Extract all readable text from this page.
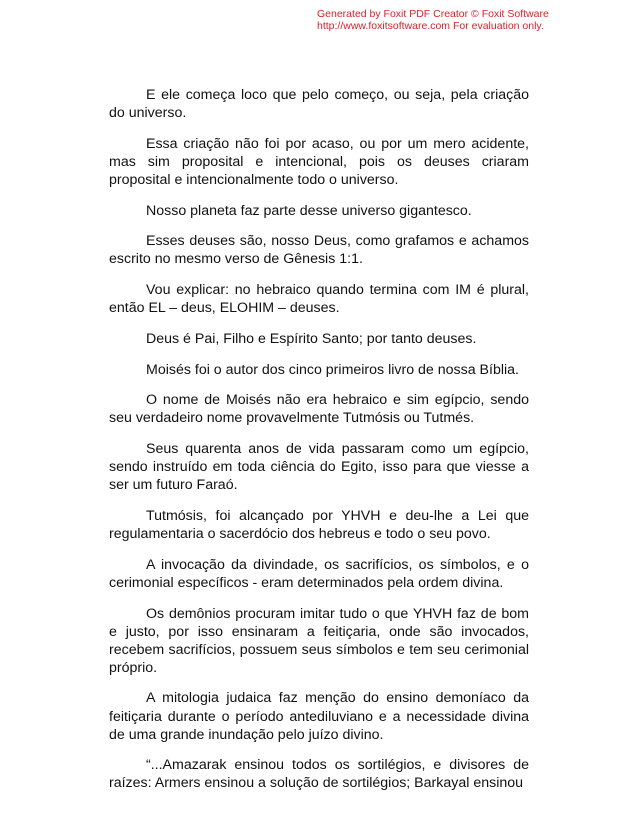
Generated by Foxit PDF Creator © Foxit Software
http://www.foxitsoftware.com For evaluation only.

E ele começa loco que pelo começo, ou seja, pela criação do universo.

Essa criação não foi por acaso, ou por um mero acidente, mas sim proposital e intencional, pois os deuses criaram proposital e intencionalmente todo o universo.

Nosso planeta faz parte desse universo gigantesco.

Esses deuses são, nosso Deus, como grafamos e achamos escrito no mesmo verso de Gênesis 1:1.

Vou explicar: no hebraico quando termina com IM é plural, então EL – deus, ELOHIM – deuses.

Deus é Pai, Filho e Espírito Santo; por tanto deuses.

Moisés foi o autor dos cinco primeiros livro de nossa Bíblia.

O nome de Moisés não era hebraico e sim egípcio, sendo seu verdadeiro nome provavelmente Tutmósis ou Tutmés.

Seus quarenta anos de vida passaram como um egípcio, sendo instruído em toda ciência do Egito, isso para que viesse a ser um futuro Faraó.

Tutmósis, foi alcançado por YHVH e deu-lhe a Lei que regulamentaria o sacerdócio dos hebreus e todo o seu povo.

A invocação da divindade, os sacrifícios, os símbolos, e o cerimonial específicos - eram determinados pela ordem divina.

Os demônios procuram imitar tudo o que YHVH faz de bom e justo, por isso ensinaram a feitiçaria, onde são invocados, recebem sacrifícios, possuem seus símbolos e tem seu cerimonial próprio.

A mitologia judaica faz menção do ensino demoníaco da feitiçaria durante o período antediluviano e a necessidade divina de uma grande inundação pelo juízo divino.

“...Amazarak ensinou todos os sortilégios, e divisores de raízes: Armers ensinou a solução de sortilégios; Barkayal ensinou
